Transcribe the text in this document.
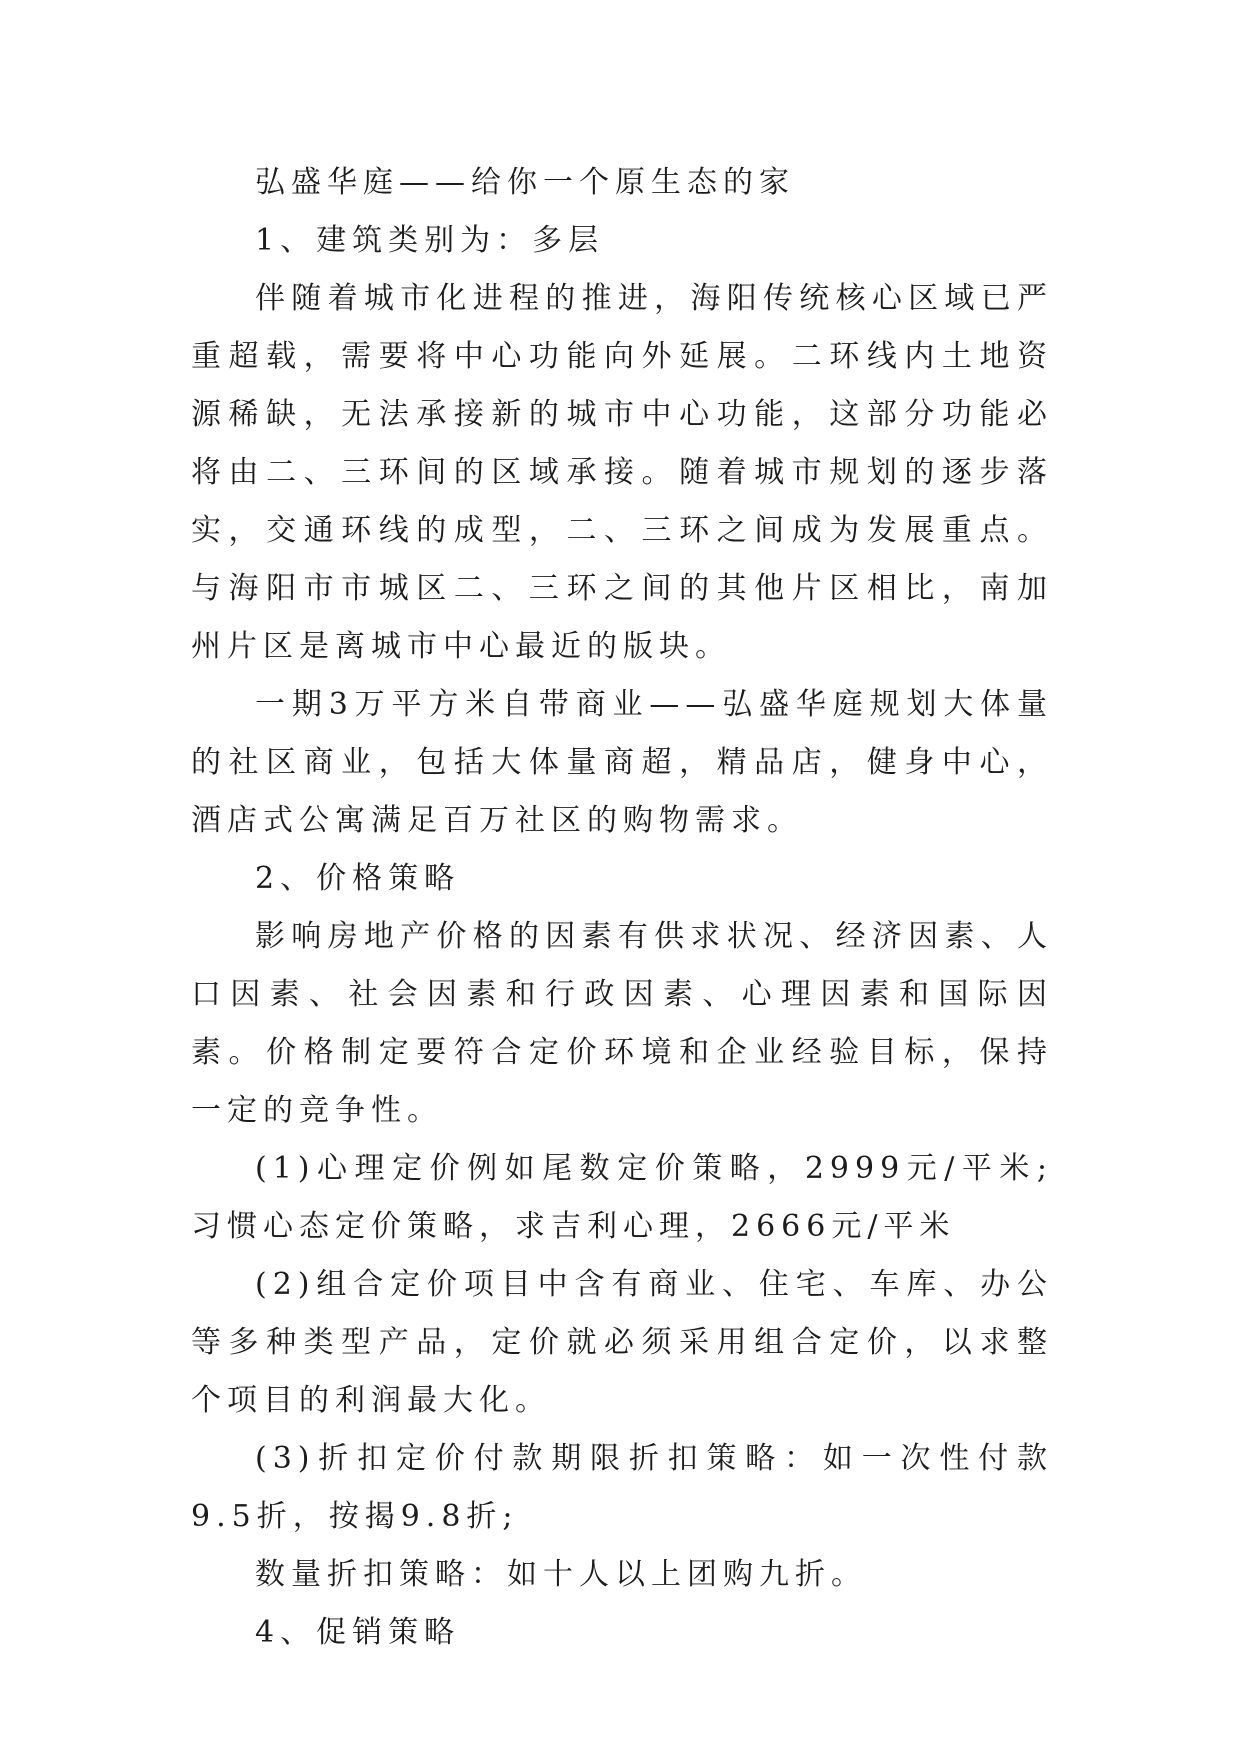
弘盛华庭——给你一个原生态的家

1、建筑类别为：多层

伴随着城市化进程的推进，海阳传统核心区域已严重超载，需要将中心功能向外延展。二环线内土地资源稀缺，无法承接新的城市中心功能，这部分功能必将由二、三环间的区域承接。随着城市规划的逐步落实，交通环线的成型，二、三环之间成为发展重点。与海阳市市城区二、三环之间的其他片区相比，南加州片区是离城市中心最近的版块。

一期3万平方米自带商业——弘盛华庭规划大体量的社区商业，包括大体量商超，精品店，健身中心，酒店式公寓满足百万社区的购物需求。

2、价格策略

影响房地产价格的因素有供求状况、经济因素、人口因素、社会因素和行政因素、心理因素和国际因素。价格制定要符合定价环境和企业经验目标，保持一定的竞争性。

(1)心理定价例如尾数定价策略，2999元/平米;习惯心态定价策略，求吉利心理，2666元/平米

(2)组合定价项目中含有商业、住宅、车库、办公等多种类型产品，定价就必须采用组合定价，以求整个项目的利润最大化。

(3)折扣定价付款期限折扣策略：如一次性付款9.5折，按揭9.8折;

数量折扣策略：如十人以上团购九折。

4、促销策略
